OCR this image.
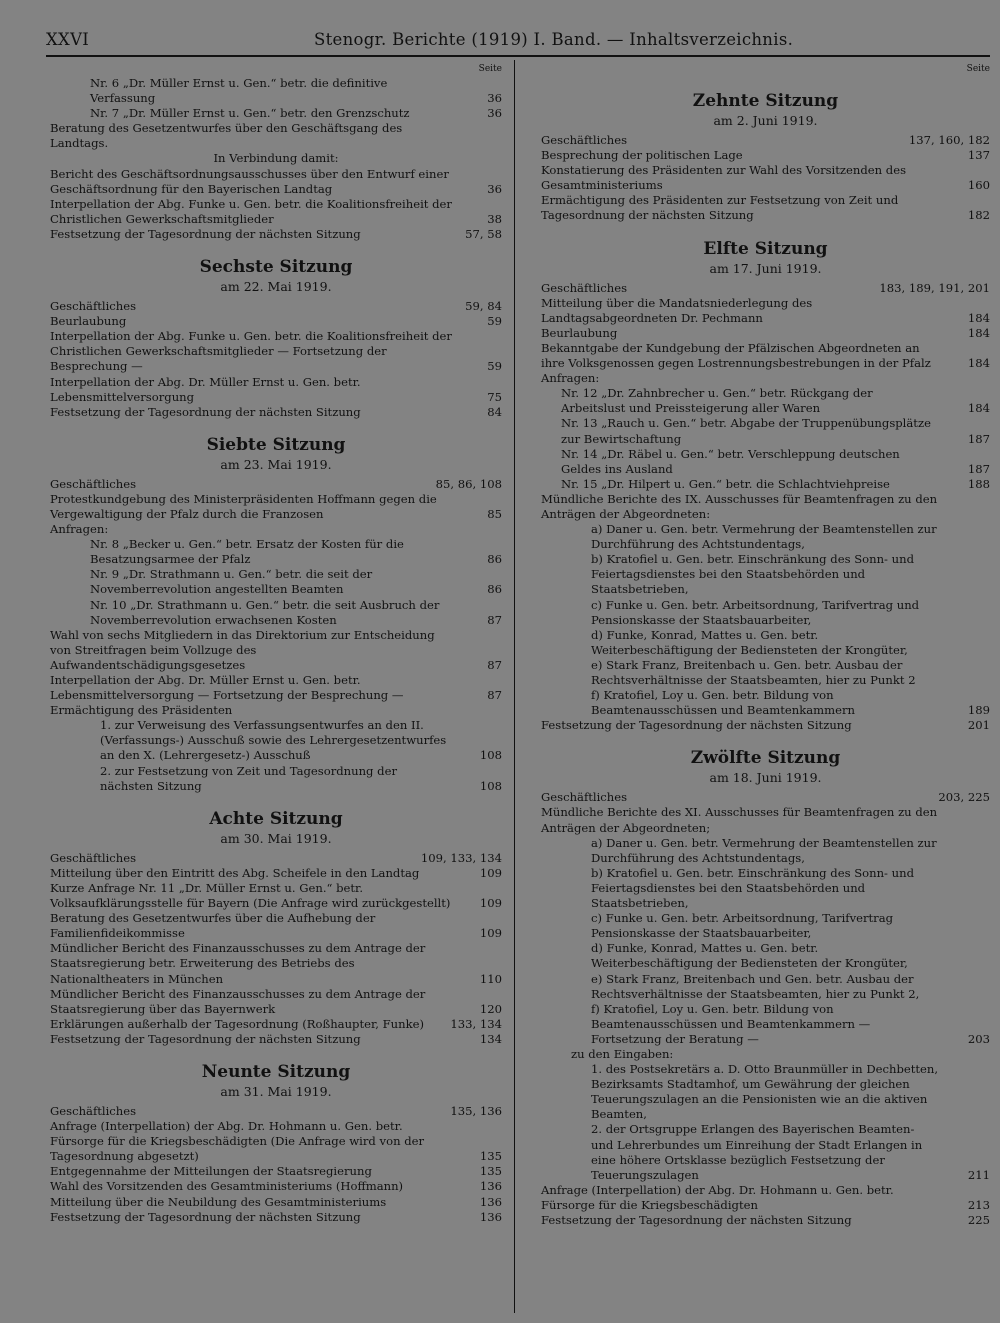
XXVI	Stenogr. Berichte (1919) I. Band. — Inhaltsverzeichnis.
Seite
Nr. 6 „Dr. Müller Ernst u. Gen.“ betr. die definitive Verfassung	36
Nr. 7 „Dr. Müller Ernst u. Gen.“ betr. den Grenzschutz	36
Beratung des Gesetzentwurfes über den Geschäftsgang des Landtags.
In Verbindung damit:
Bericht des Geschäftsordnungsausschusses über den Entwurf einer Geschäftsordnung für den Bayerischen Landtag	36
Interpellation der Abg. Funke u. Gen. betr. die Koalitionsfreiheit der Christlichen Gewerkschaftsmitglieder	38
Festsetzung der Tagesordnung der nächsten Sitzung	57, 58
Sechste Sitzung
am 22. Mai 1919.
Geschäftliches	59, 84
Beurlaubung	59
Interpellation der Abg. Funke u. Gen. betr. die Koalitionsfreiheit der Christlichen Gewerkschaftsmitglieder — Fortsetzung der Besprechung —	59
Interpellation der Abg. Dr. Müller Ernst u. Gen. betr. Lebensmittelversorgung	75
Festsetzung der Tagesordnung der nächsten Sitzung	84
Siebte Sitzung
am 23. Mai 1919.
Geschäftliches	85, 86, 108
Protestkundgebung des Ministerpräsidenten Hoffmann gegen die Vergewaltigung der Pfalz durch die Franzosen	85
Anfragen:
Nr. 8 „Becker u. Gen.“ betr. Ersatz der Kosten für die Besatzungsarmee der Pfalz	86
Nr. 9 „Dr. Strathmann u. Gen.“ betr. die seit der Novemberrevolution angestellten Beamten	86
Nr. 10 „Dr. Strathmann u. Gen.“ betr. die seit Ausbruch der Novemberrevolution erwachsenen Kosten	87
Wahl von sechs Mitgliedern in das Direktorium zur Entscheidung von Streitfragen beim Vollzuge des Aufwandentschädigungsgesetzes	87
Interpellation der Abg. Dr. Müller Ernst u. Gen. betr. Lebensmittelversorgung — Fortsetzung der Besprechung —	87
Ermächtigung des Präsidenten
1. zur Verweisung des Verfassungsentwurfes an den II. (Verfassungs-) Ausschuß sowie des Lehrergesetzentwurfes an den X. (Lehrergesetz-) Ausschuß	108
2. zur Festsetzung von Zeit und Tagesordnung der nächsten Sitzung	108
Achte Sitzung
am 30. Mai 1919.
Geschäftliches	109, 133, 134
Mitteilung über den Eintritt des Abg. Scheifele in den Landtag	109
Kurze Anfrage Nr. 11 „Dr. Müller Ernst u. Gen.“ betr. Volksaufklärungsstelle für Bayern (Die Anfrage wird zurückgestellt)	109
Beratung des Gesetzentwurfes über die Aufhebung der Familienfideikommisse	109
Mündlicher Bericht des Finanzausschusses zu dem Antrage der Staatsregierung betr. Erweiterung des Betriebs des Nationaltheaters in München	110
Mündlicher Bericht des Finanzausschusses zu dem Antrage der Staatsregierung über das Bayernwerk	120
Erklärungen außerhalb der Tagesordnung (Roßhaupter, Funke) 133, 134
Festsetzung der Tagesordnung der nächsten Sitzung	134
Neunte Sitzung
am 31. Mai 1919.
Geschäftliches	135, 136
Anfrage (Interpellation) der Abg. Dr. Hohmann u. Gen. betr. Fürsorge für die Kriegsbeschädigten (Die Anfrage wird von der Tagesordnung abgesetzt)	135
Entgegennahme der Mitteilungen der Staatsregierung	135
Wahl des Vorsitzenden des Gesamtministeriums (Hoffmann)	136
Mitteilung über die Neubildung des Gesamtministeriums	136
Festsetzung der Tagesordnung der nächsten Sitzung	136
Seite
Zehnte Sitzung
am 2. Juni 1919.
Geschäftliches	137, 160, 182
Besprechung der politischen Lage	137
Konstatierung des Präsidenten zur Wahl des Vorsitzenden des Gesamtministeriums	160
Ermächtigung des Präsidenten zur Festsetzung von Zeit und Tagesordnung der nächsten Sitzung	182
Elfte Sitzung
am 17. Juni 1919.
Geschäftliches	183, 189, 191, 201
Mitteilung über die Mandatsniederlegung des Landtagsabgeordneten Dr. Pechmann	184
Beurlaubung	184
Bekanntgabe der Kundgebung der Pfälzischen Abgeordneten an ihre Volksgenossen gegen Lostrennungsbestrebungen in der Pfalz	184
Anfragen:
Nr. 12 „Dr. Zahnbrecher u. Gen.“ betr. Rückgang der Arbeitslust und Preissteigerung aller Waren	184
Nr. 13 „Rauch u. Gen.“ betr. Abgabe der Truppenübungsplätze zur Bewirtschaftung	187
Nr. 14 „Dr. Räbel u. Gen.“ betr. Verschleppung deutschen Geldes ins Ausland	187
Nr. 15 „Dr. Hilpert u. Gen.“ betr. die Schlachtviehpreise	188
Mündliche Berichte des IX. Ausschusses für Beamtenfragen zu den Anträgen der Abgeordneten:
a) Daner u. Gen. betr. Vermehrung der Beamtenstellen zur Durchführung des Achtstundentags,
b) Kratofiel u. Gen. betr. Einschränkung des Sonn- und Feiertagsdienstes bei den Staatsbehörden und Staatsbetrieben,
c) Funke u. Gen. betr. Arbeitsordnung, Tarifvertrag und Pensionskasse der Staatsbauarbeiter,
d) Funke, Konrad, Mattes u. Gen. betr. Weiterbeschäftigung der Bediensteten der Krongüter,
e) Stark Franz, Breitenbach u. Gen. betr. Ausbau der Rechtsverhältnisse der Staatsbeamten, hier zu Punkt 2
f) Kratofiel, Loy u. Gen. betr. Bildung von Beamtenausschüssen und Beamtenkammern	189
Festsetzung der Tagesordnung der nächsten Sitzung	201
Zwölfte Sitzung
am 18. Juni 1919.
Geschäftliches	203, 225
Mündliche Berichte des XI. Ausschusses für Beamtenfragen zu den Anträgen der Abgeordneten;
a) Daner u. Gen. betr. Vermehrung der Beamtenstellen zur Durchführung des Achtstundentags,
b) Kratofiel u. Gen. betr. Einschränkung des Sonn- und Feiertagsdienstes bei den Staatsbehörden und Staatsbetrieben,
c) Funke u. Gen. betr. Arbeitsordnung, Tarifvertrag Pensionskasse der Staatsbauarbeiter,
d) Funke, Konrad, Mattes u. Gen. betr. Weiterbeschäftigung der Bediensteten der Krongüter,
e) Stark Franz, Breitenbach und Gen. betr. Ausbau der Rechtsverhältnisse der Staatsbeamten, hier zu Punkt 2,
f) Kratofiel, Loy u. Gen. betr. Bildung von Beamtenausschüssen und Beamtenkammern — Fortsetzung der Beratung —	203
zu den Eingaben:
1. des Postsekretärs a. D. Otto Braunmüller in Dechbetten, Bezirksamts Stadtamhof, um Gewährung der gleichen Teuerungszulagen an die Pensionisten wie an die aktiven Beamten,
2. der Ortsgruppe Erlangen des Bayerischen Beamten- und Lehrerbundes um Einreihung der Stadt Erlangen in eine höhere Ortsklasse bezüglich Festsetzung der Teuerungszulagen	211
Anfrage (Interpellation) der Abg. Dr. Hohmann u. Gen. betr. Fürsorge für die Kriegsbeschädigten	213
Festsetzung der Tagesordnung der nächsten Sitzung	225
